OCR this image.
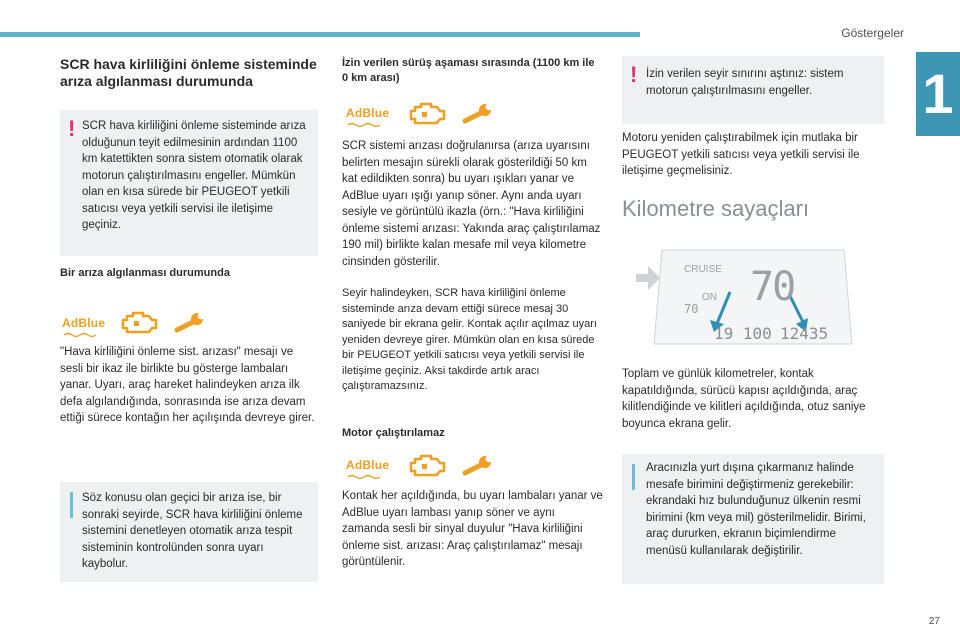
Göstergeler
1
SCR hava kirliliğini önleme sisteminde arıza algılanması durumunda
! SCR hava kirliliğini önleme sisteminde arıza olduğunun teyit edilmesinin ardından 1100 km katettikten sonra sistem otomatik olarak motorun çalıştırılmasını engeller. Mümkün olan en kısa sürede bir PEUGEOT yetkili satıcısı veya yetkili servisi ile iletişime geçiniz.

Bir arıza algılanması durumunda
AdBlue

"Hava kirliliğini önleme sist. arızası" mesajı ve sesli bir ikaz ile birlikte bu gösterge lambaları yanar. Uyarı, araç hareket halindeyken arıza ilk defa algılandığında, sonrasında ise arıza devam ettiği sürece kontağın her açılışında devreye girer.

Söz konusu olan geçici bir arıza ise, bir sonraki seyirde, SCR hava kirliliğini önleme sistemini denetleyen otomatik arıza tespit sisteminin kontrolünden sonra uyarı kaybolur.

İzin verilen sürüş aşaması sırasında (1100 km ile 0 km arası)
AdBlue

SCR sistemi arızası doğrulanırsa (arıza uyarısını belirten mesajın sürekli olarak gösterildiği 50 km kat edildikten sonra) bu uyarı ışıkları yanar ve AdBlue uyarı ışığı yanıp söner. Aynı anda uyarı sesiyle ve görüntülü ikazla (örn.: "Hava kirliliğini önleme sistemi arızası: Yakında araç çalıştırılamaz 190 mil) birlikte kalan mesafe mil veya kilometre cinsinden gösterilir.

Seyir halindeyken, SCR hava kirliliğini önleme sisteminde arıza devam ettiği sürece mesaj 30 saniyede bir ekrana gelir. Kontak açılır açılmaz uyarı yeniden devreye girer. Mümkün olan en kısa sürede bir PEUGEOT yetkili satıcısı veya yetkili servisi ile iletişime geçiniz. Aksi takdirde artık aracı çalıştıramazsınız.

Motor çalıştırılamaz
AdBlue

Kontak her açıldığında, bu uyarı lambaları yanar ve AdBlue uyarı lambası yanıp söner ve aynı zamanda sesli bir sinyal duyulur "Hava kirliliğini önleme sist. arızası: Araç çalıştırılamaz" mesajı görüntülenir.

! İzin verilen seyir sınırını aştınız: sistem motorun çalıştırılmasını engeller.

Motoru yeniden çalıştırabilmek için mutlaka bir PEUGEOT yetkili satıcısı veya yetkili servisi ile iletişime geçmelisiniz.

Kilometre sayaçları
CRUISE
ON
70 70
19 100 12435

Toplam ve günlük kilometreler, kontak kapatıldığında, sürücü kapısı açıldığında, araç kilitlendiğinde ve kilitleri açıldığında, otuz saniye boyunca ekrana gelir.

Aracınızla yurt dışına çıkarmanız halinde mesafe birimini değiştirmeniz gerekebilir: ekrandaki hız bulunduğunuz ülkenin resmi birimini (km veya mil) gösterilmelidir. Birimi, araç dururken, ekranın biçimlendirme menüsü kullanılarak değiştirilir.

27
